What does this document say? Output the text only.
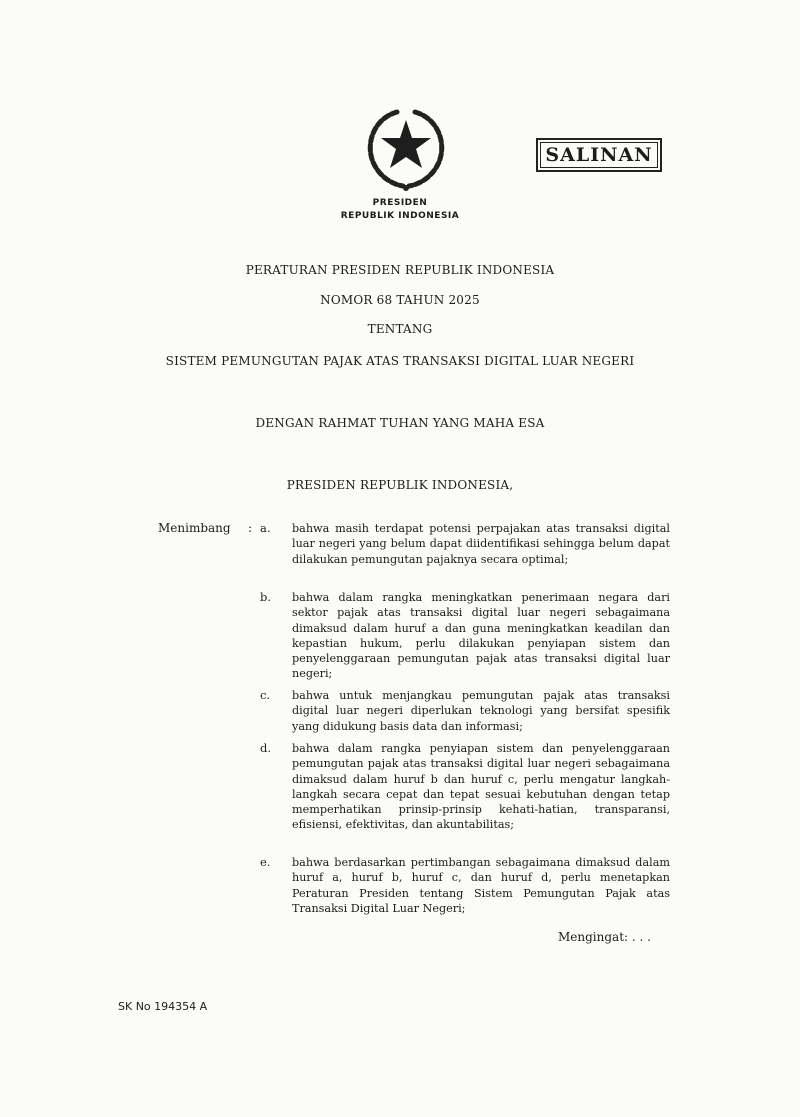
PRESIDEN
REPUBLIK INDONESIA
SALINAN
PERATURAN PRESIDEN REPUBLIK INDONESIA
NOMOR 68 TAHUN 2025
TENTANG
SISTEM PEMUNGUTAN PAJAK ATAS TRANSAKSI DIGITAL LUAR NEGERI
DENGAN RAHMAT TUHAN YANG MAHA ESA
PRESIDEN REPUBLIK INDONESIA,
Menimbang : a.	bahwa masih terdapat potensi perpajakan atas transaksi digital luar negeri yang belum dapat diidentifikasi sehingga belum dapat dilakukan pemungutan pajaknya secara optimal;
b.	bahwa dalam rangka meningkatkan penerimaan negara dari sektor pajak atas transaksi digital luar negeri sebagaimana dimaksud dalam huruf a dan guna meningkatkan keadilan dan kepastian hukum, perlu dilakukan penyiapan sistem dan penyelenggaraan pemungutan pajak atas transaksi digital luar negeri;
c.	bahwa untuk menjangkau pemungutan pajak atas transaksi digital luar negeri diperlukan teknologi yang bersifat spesifik yang didukung basis data dan informasi;
d.	bahwa dalam rangka penyiapan sistem dan penyelenggaraan pemungutan pajak atas transaksi digital luar negeri sebagaimana dimaksud dalam huruf b dan huruf c, perlu mengatur langkah-langkah secara cepat dan tepat sesuai kebutuhan dengan tetap memperhatikan prinsip-prinsip kehati-hatian, transparansi, efisiensi, efektivitas, dan akuntabilitas;
e.	bahwa berdasarkan pertimbangan sebagaimana dimaksud dalam huruf a, huruf b, huruf c, dan huruf d, perlu menetapkan Peraturan Presiden tentang Sistem Pemungutan Pajak atas Transaksi Digital Luar Negeri;
Mengingat: . . .
SK No 194354 A
